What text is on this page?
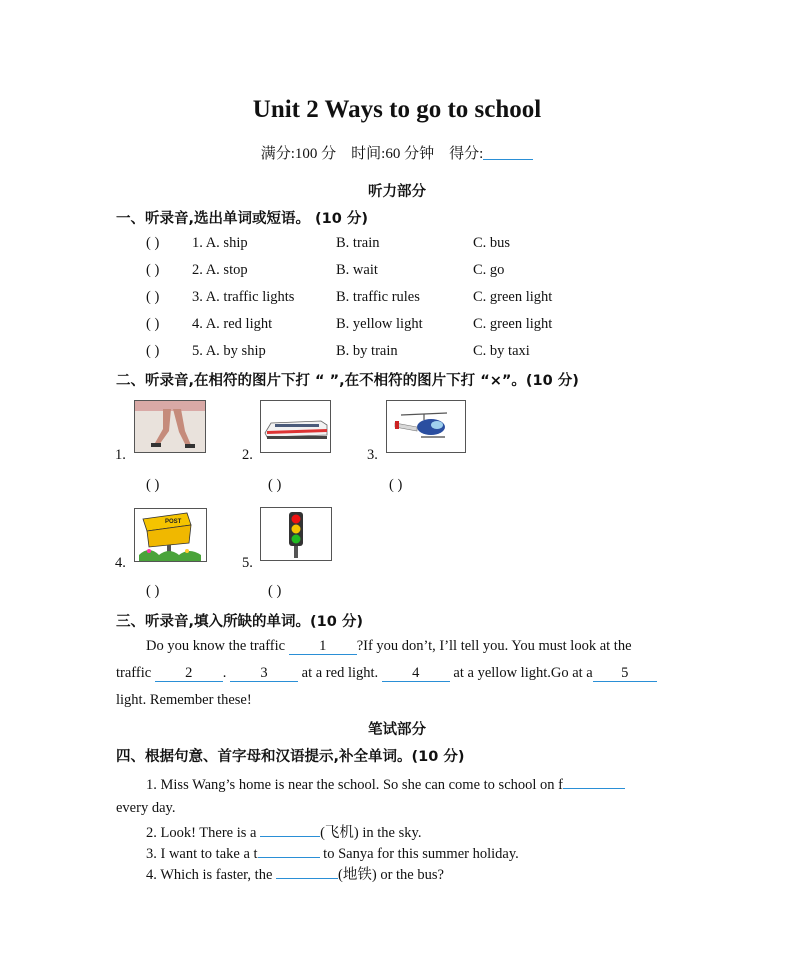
Unit 2 Ways to go to school
满分:100 分 时间:60 分钟 得分:
听力部分
一、听录音,选出单词或短语。 (10 分)
( ) 1. A. ship	B. train	C. bus
( ) 2. A. stop	B. wait	C. go
( ) 3. A. traffic lights	B. traffic rules	C. green light
( ) 4. A. red light	B. yellow light	C. green light
( ) 5. A. by ship	B. by train	C. by taxi
二、听录音,在相符的图片下打 “ ”,在不相符的图片下打 “×”。(10 分)
1.	2.	3.
( )	( )	( )
POST
4.	5.
( )	( )
三、听录音,填入所缺的单词。(10 分)
Do you know the traffic 1 ?If you don’t, I’ll tell you. You must look at the
traffic 2 . 3 at a red light. 4 at a yellow light.Go at a 5
light. Remember these!
笔试部分
四、根据句意、首字母和汉语提示,补全单词。(10 分)
1. Miss Wang’s home is near the school. So she can come to school on f
every day.
2. Look! There is a	(飞机) in the sky.
3. I want to take a t	to Sanya for this summer holiday.
4. Which is faster, the	(地铁) or the bus?
